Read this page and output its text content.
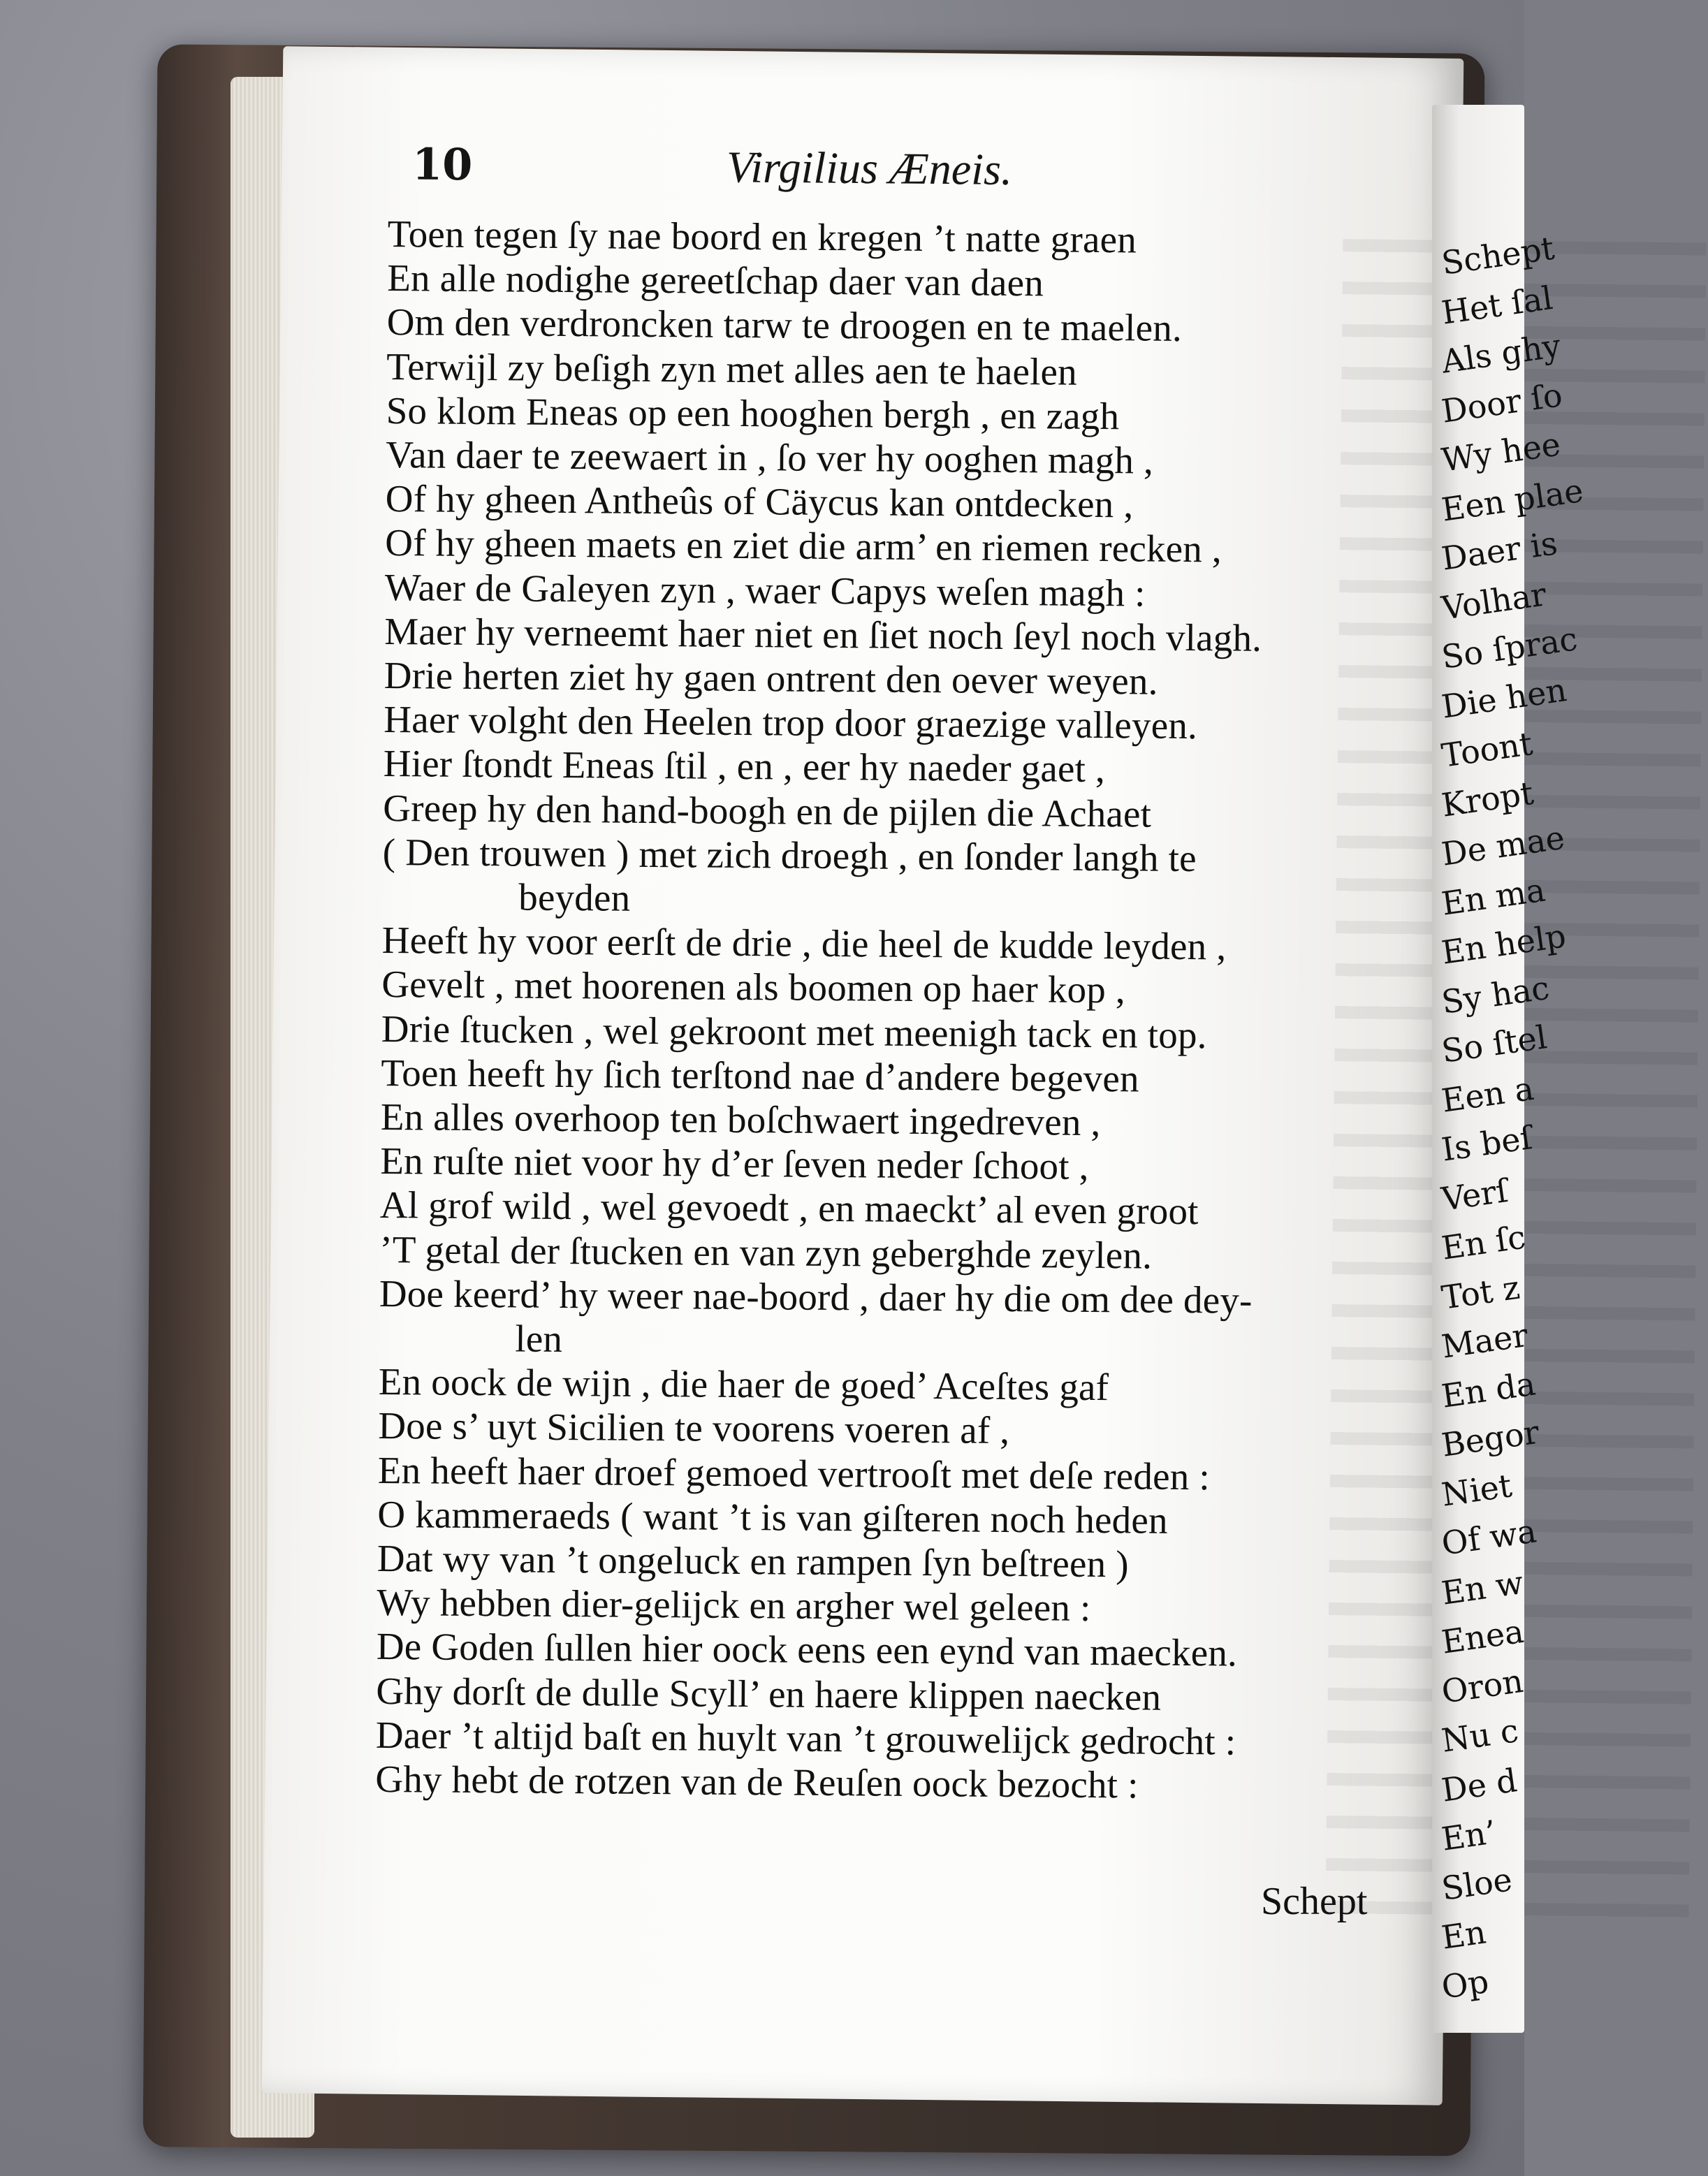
Schept
Het ſal
Als ghy
Door ſo
Wy hee
Een plae
Daer is
Volhar
So ſprac
Die hen
Toont
Kropt
De mae
En ma
En help
Sy hac
So ſtel
Een a
Is beſ
Verſ
En ſc
Tot z
Maer
En da
Begor
Niet
Of wa
En w
Enea
Oron
Nu c
De d
En’
Sloe
En
Op
10	Virgilius Æneis.
Toen tegen ſy nae boord en kregen ’t natte graen
En alle nodighe gereetſchap daer van daen
Om den verdroncken tarw te droogen en te maelen.
Terwijl zy beſigh zyn met alles aen te haelen
So klom Eneas op een hooghen bergh , en zagh
Van daer te zeewaert in , ſo ver hy ooghen magh ,
Of hy gheen Antheûs of Cäycus kan ontdecken ,
Of hy gheen maets en ziet die arm’ en riemen recken ,
Waer de Galeyen zyn , waer Capys weſen magh :
Maer hy verneemt haer niet en ſiet noch ſeyl noch vlagh.
Drie herten ziet hy gaen ontrent den oever weyen.
Haer volght den Heelen trop door graezige valleyen.
Hier ſtondt Eneas ſtil , en , eer hy naeder gaet ,
Greep hy den hand-boogh en de pijlen die Achaet
( Den trouwen ) met zich droegh , en ſonder langh te
beyden
Heeft hy voor eerſt de drie , die heel de kudde leyden ,
Gevelt , met hoorenen als boomen op haer kop ,
Drie ſtucken , wel gekroont met meenigh tack en top.
Toen heeft hy ſich terſtond nae d’andere begeven
En alles overhoop ten boſchwaert ingedreven ,
En ruſte niet voor hy d’er ſeven neder ſchoot ,
Al grof wild , wel gevoedt , en maeckt’ al even groot
’T getal der ſtucken en van zyn geberghde zeylen.
Doe keerd’ hy weer nae-boord , daer hy die om dee dey-
len
En oock de wijn , die haer de goed’ Aceſtes gaf
Doe s’ uyt Sicilien te voorens voeren af ,
En heeft haer droef gemoed vertrooſt met deſe reden :
O kammeraeds ( want ’t is van giſteren noch heden
Dat wy van ’t ongeluck en rampen ſyn beſtreen )
Wy hebben dier-gelijck en argher wel geleen :
De Goden ſullen hier oock eens een eynd van maecken.
Ghy dorſt de dulle Scyll’ en haere klippen naecken
Daer ’t altijd baſt en huylt van ’t grouwelijck gedrocht :
Ghy hebt de rotzen van de Reuſen oock bezocht :
Schept
